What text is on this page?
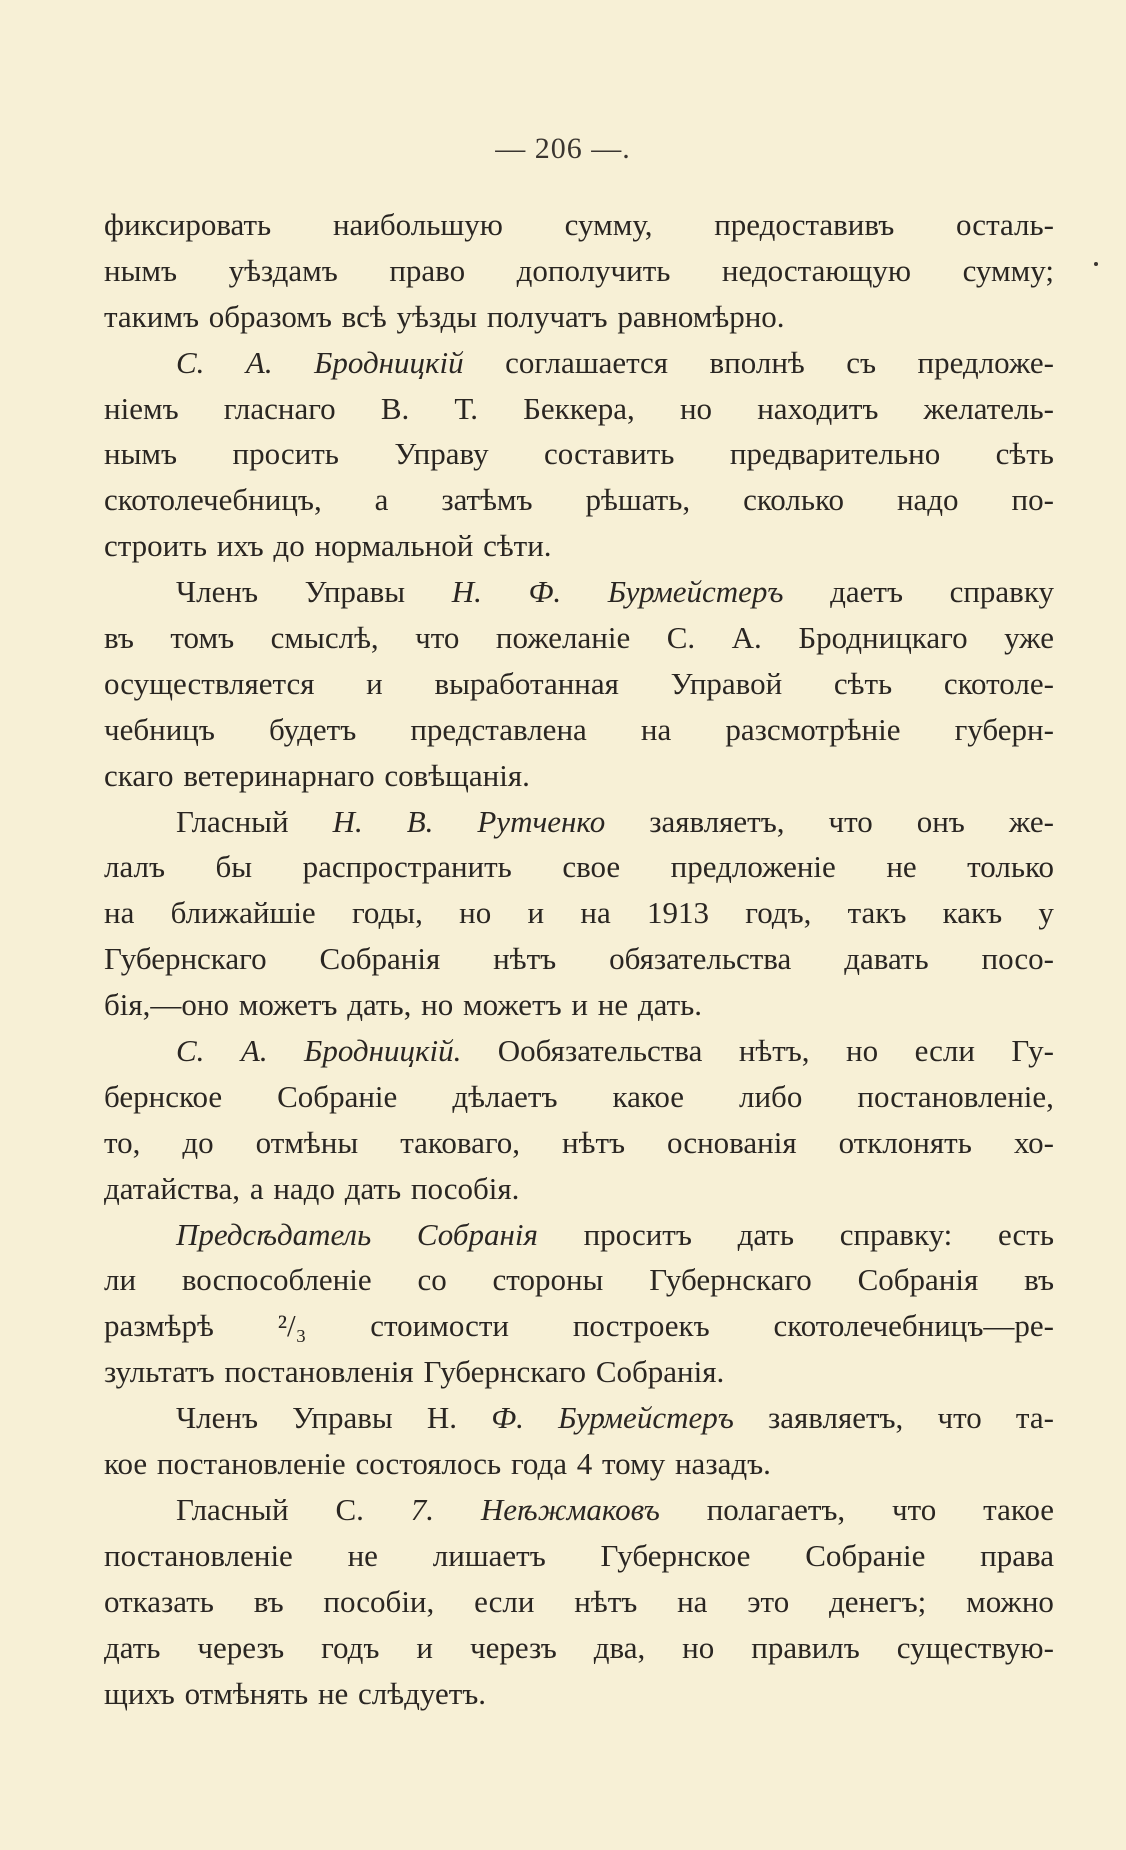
— 206 —.
фиксировать наибольшую сумму, предоставивъ осталь-
нымъ уѣздамъ право дополучить недостающую сумму;
такимъ образомъ всѣ уѣзды получатъ равномѣрно.
С. А. Бродницкій соглашается вполнѣ съ предложе-
ніемъ гласнаго В. Т. Беккера, но находитъ желатель-
нымъ просить Управу составить предварительно сѣть
скотолечебницъ, а затѣмъ рѣшать, сколько надо по-
строить ихъ до нормальной сѣти.
Членъ Управы Н. Ф. Бурмейстеръ даетъ справку
въ томъ смыслѣ, что пожеланіе С. А. Бродницкаго уже
осуществляется и выработанная Управой сѣть скотоле-
чебницъ будетъ представлена на разсмотрѣніе губерн-
скаго ветеринарнаго совѣщанія.
Гласный Н. В. Рутченко заявляетъ, что онъ же-
лалъ бы распространить свое предложеніе не только
на ближайшіе годы, но и на 1913 годъ, такъ какъ у
Губернскаго Собранія нѣтъ обязательства давать посо-
бія,—оно можетъ дать, но можетъ и не дать.
С. А. Бродницкій. Ообязательства нѣтъ, но если Гу-
бернское Собраніе дѣлаетъ какое либо постановленіе,
то, до отмѣны таковаго, нѣтъ основанія отклонять хо-
датайства, а надо дать пособія.
Предсѣдатель Собранія проситъ дать справку: есть
ли воспособленіе со стороны Губернскаго Собранія въ
размѣрѣ ²/₃ стоимости построекъ скотолечебницъ—ре-
зультатъ постановленія Губернскаго Собранія.
Членъ Управы Н. Ф. Бурмейстеръ заявляетъ, что та-
кое постановленіе состоялось года 4 тому назадъ.
Гласный С. 7. Неѣжмаковъ полагаетъ, что такое
постановленіе не лишаетъ Губернское Собраніе права
отказать въ пособіи, если нѣтъ на это денегъ; можно
дать черезъ годъ и черезъ два, но правилъ существую-
щихъ отмѣнять не слѣдуетъ.
